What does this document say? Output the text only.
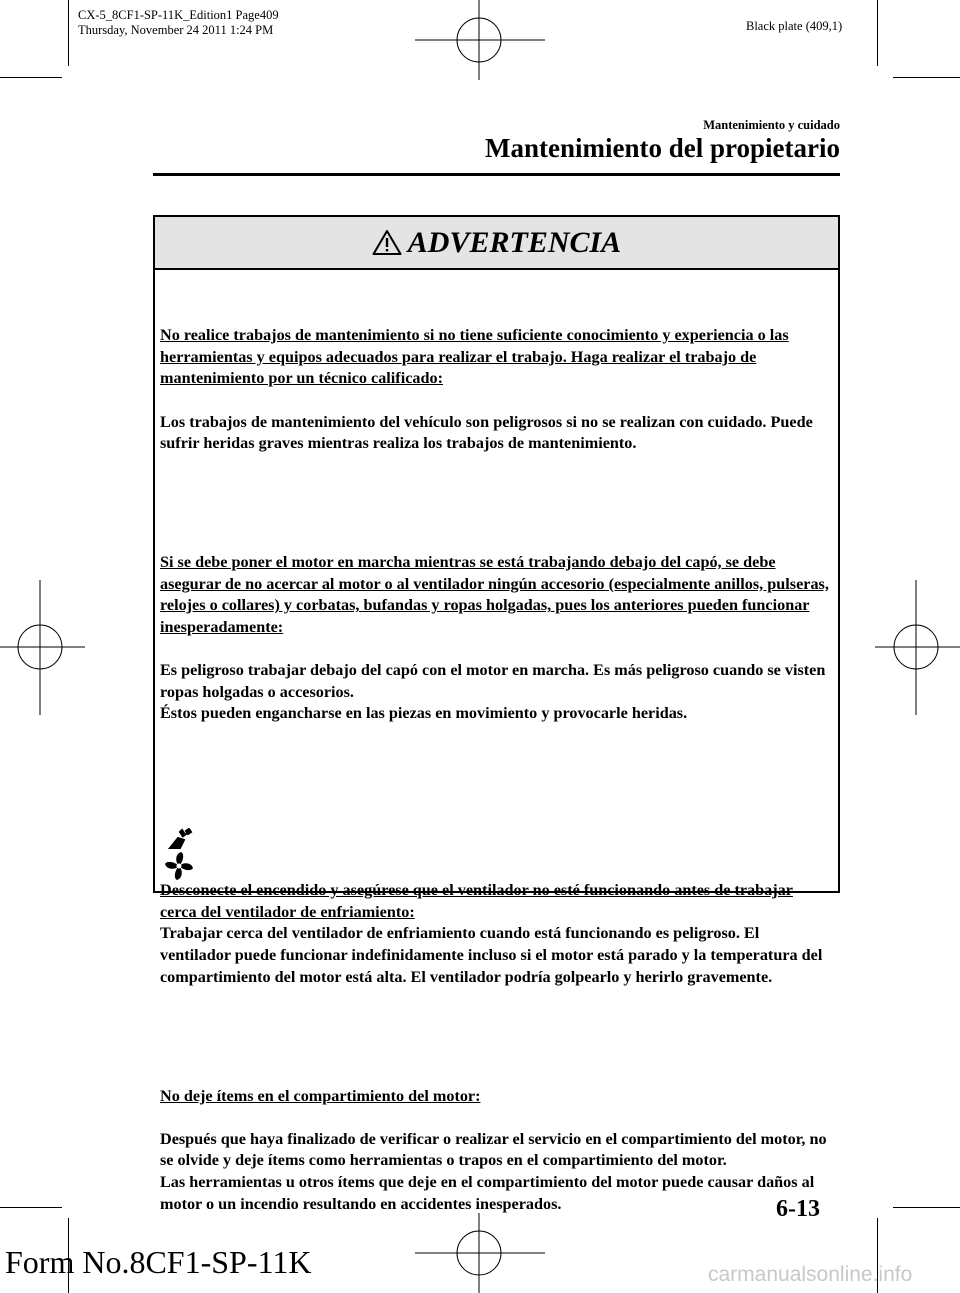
CX-5_8CF1-SP-11K_Edition1 Page409
Thursday, November 24 2011 1:24 PM	Black plate (409,1)
Mantenimiento y cuidado
Mantenimiento del propietario
ADVERTENCIA

No realice trabajos de mantenimiento si no tiene suficiente conocimiento y experiencia o las herramientas y equipos adecuados para realizar el trabajo. Haga realizar el trabajo de mantenimiento por un técnico calificado:

Los trabajos de mantenimiento del vehículo son peligrosos si no se realizan con cuidado. Puede sufrir heridas graves mientras realiza los trabajos de mantenimiento.

Si se debe poner el motor en marcha mientras se está trabajando debajo del capó, se debe asegurar de no acercar al motor o al ventilador ningún accesorio (especialmente anillos, pulseras, relojes o collares) y corbatas, bufandas y ropas holgadas, pues los anteriores pueden funcionar inesperadamente:

Es peligroso trabajar debajo del capó con el motor en marcha. Es más peligroso cuando se visten ropas holgadas o accesorios.
Éstos pueden engancharse en las piezas en movimiento y provocarle heridas.

Desconecte el encendido y asegúrese que el ventilador no esté funcionando antes de trabajar cerca del ventilador de enfriamiento:

Trabajar cerca del ventilador de enfriamiento cuando está funcionando es peligroso. El ventilador puede funcionar indefinidamente incluso si el motor está parado y la temperatura del compartimiento del motor está alta. El ventilador podría golpearlo y herirlo gravemente.

No deje ítems en el compartimiento del motor:

Después que haya finalizado de verificar o realizar el servicio en el compartimiento del motor, no se olvide y deje ítems como herramientas o trapos en el compartimiento del motor.
Las herramientas u otros ítems que deje en el compartimiento del motor puede causar daños al motor o un incendio resultando en accidentes inesperados.	6-13
Form No.8CF1-SP-11K	carmanualsonline.info
